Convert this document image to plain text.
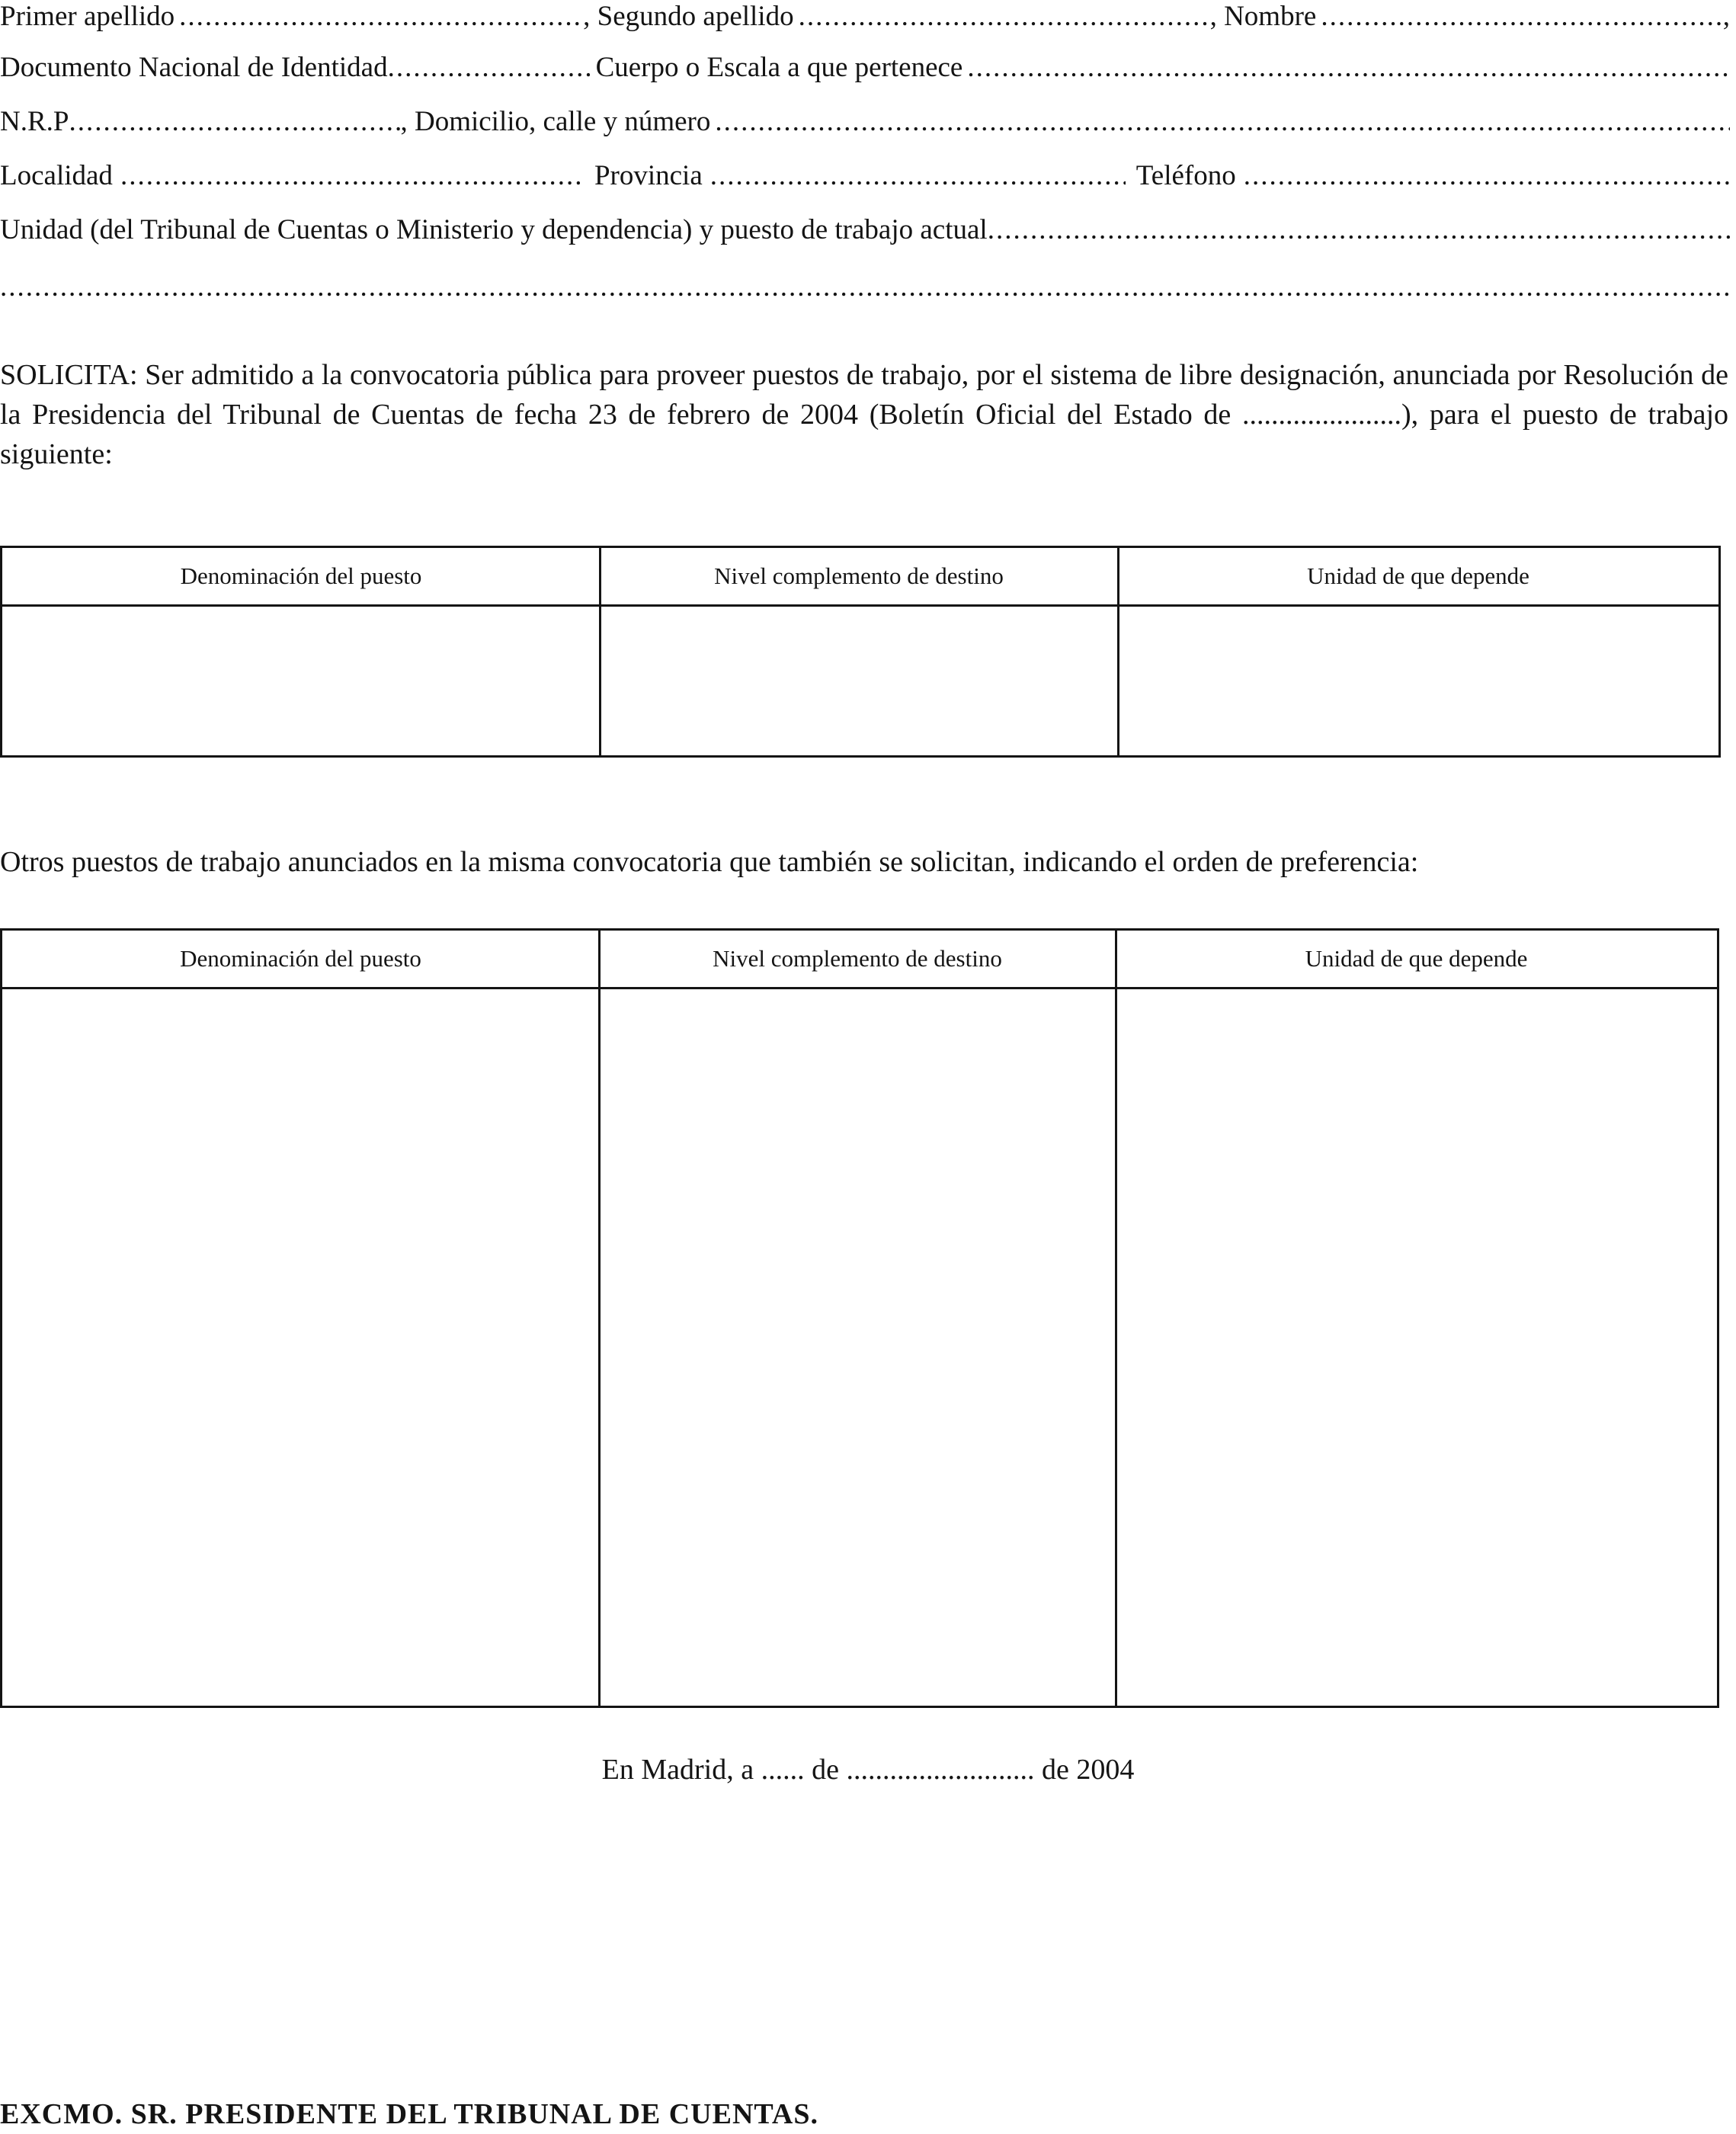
Primer apellido .....	, Segundo apellido .....	, Nombre .....	,
Documento Nacional de Identidad .....	Cuerpo o Escala a que pertenece
.....
N.R.P .....	, Domicilio, calle y número
.....
Localidad .....	Provincia .....	Teléfono
.....
Unidad (del Tribunal de Cuentas o Ministerio y dependencia) y puesto de trabajo actual
.....
.....
SOLICITA: Ser admitido a la convocatoria pública para proveer puestos de trabajo, por el sistema de libre designación, anunciada por Resolución de la Presidencia del Tribunal de Cuentas de fecha 23 de febrero de 2004 (Boletín Oficial del Estado de ......................), para el puesto de trabajo siguiente:
Denominación del puesto	Nivel complemento de destino	Unidad de que depende
Otros puestos de trabajo anunciados en la misma convocatoria que también se solicitan, indicando el orden de preferencia:
Denominación del puesto	Nivel complemento de destino	Unidad de que depende
En Madrid, a ...... de .......................... de 2004
EXCMO. SR. PRESIDENTE DEL TRIBUNAL DE CUENTAS.
